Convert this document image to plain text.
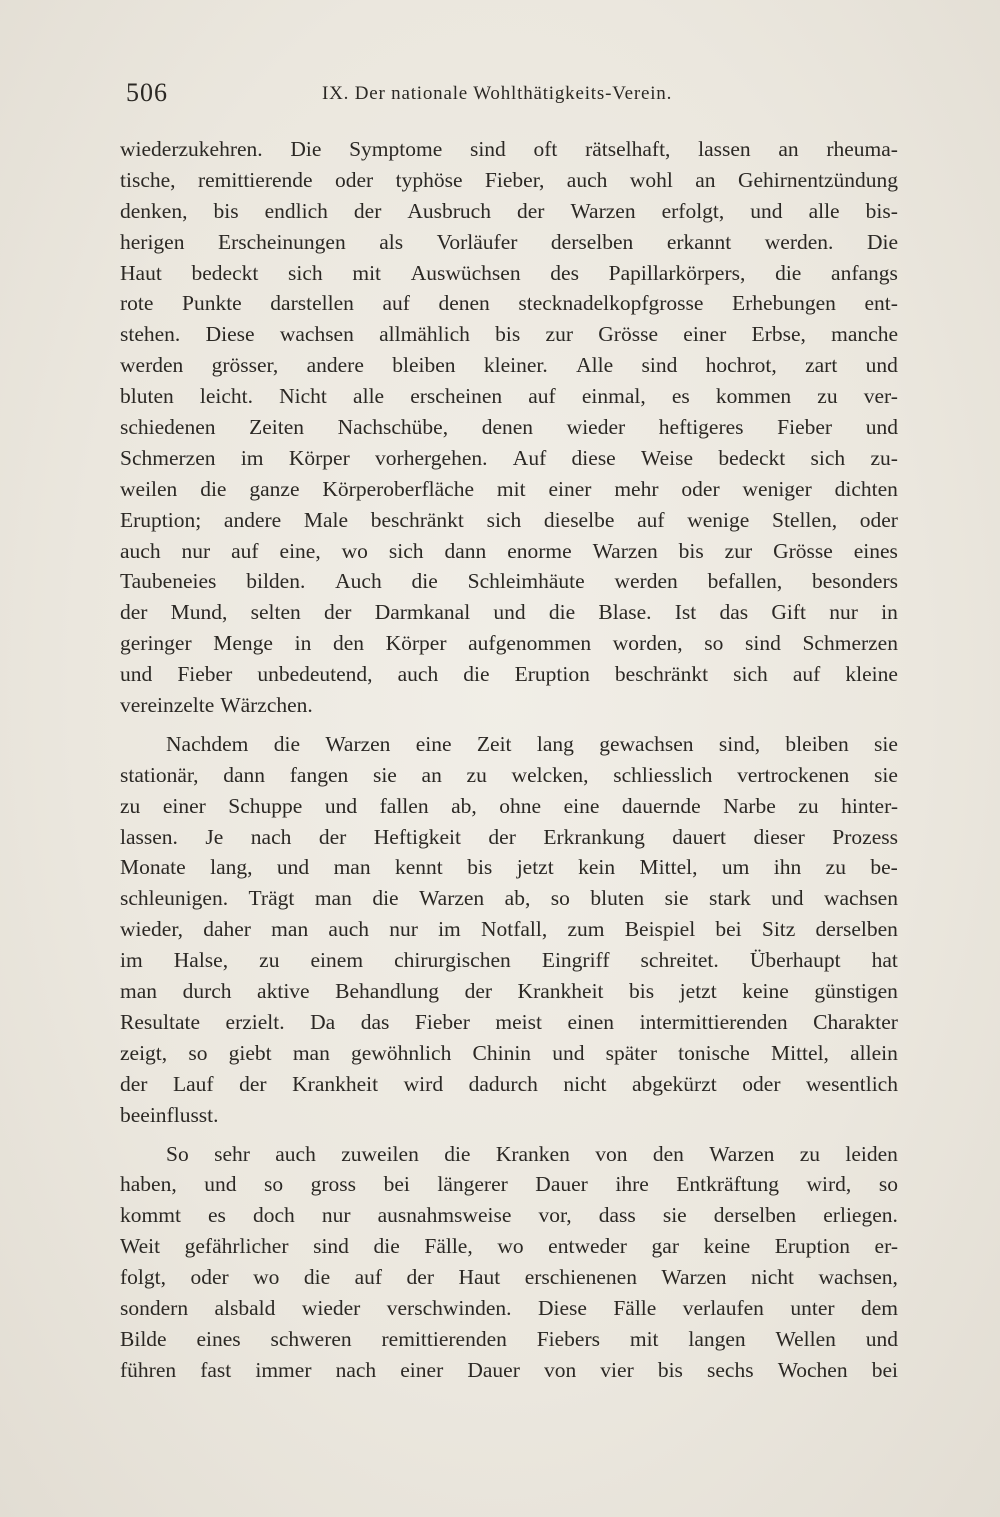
506	IX. Der nationale Wohlthätigkeits-Verein.
wiederzukehren. Die Symptome sind oft rätselhaft, lassen an rheuma-
tische, remittierende oder typhöse Fieber, auch wohl an Gehirnentzündung
denken, bis endlich der Ausbruch der Warzen erfolgt, und alle bis-
herigen Erscheinungen als Vorläufer derselben erkannt werden. Die
Haut bedeckt sich mit Auswüchsen des Papillarkörpers, die anfangs
rote Punkte darstellen auf denen stecknadelkopfgrosse Erhebungen ent-
stehen. Diese wachsen allmählich bis zur Grösse einer Erbse, manche
werden grösser, andere bleiben kleiner. Alle sind hochrot, zart und
bluten leicht. Nicht alle erscheinen auf einmal, es kommen zu ver-
schiedenen Zeiten Nachschübe, denen wieder heftigeres Fieber und
Schmerzen im Körper vorhergehen. Auf diese Weise bedeckt sich zu-
weilen die ganze Körperoberfläche mit einer mehr oder weniger dichten
Eruption; andere Male beschränkt sich dieselbe auf wenige Stellen, oder
auch nur auf eine, wo sich dann enorme Warzen bis zur Grösse eines
Taubeneies bilden. Auch die Schleimhäute werden befallen, besonders
der Mund, selten der Darmkanal und die Blase. Ist das Gift nur in
geringer Menge in den Körper aufgenommen worden, so sind Schmerzen
und Fieber unbedeutend, auch die Eruption beschränkt sich auf kleine
vereinzelte Wärzchen.
Nachdem die Warzen eine Zeit lang gewachsen sind, bleiben sie
stationär, dann fangen sie an zu welcken, schliesslich vertrockenen sie
zu einer Schuppe und fallen ab, ohne eine dauernde Narbe zu hinter-
lassen. Je nach der Heftigkeit der Erkrankung dauert dieser Prozess
Monate lang, und man kennt bis jetzt kein Mittel, um ihn zu be-
schleunigen. Trägt man die Warzen ab, so bluten sie stark und wachsen
wieder, daher man auch nur im Notfall, zum Beispiel bei Sitz derselben
im Halse, zu einem chirurgischen Eingriff schreitet. Überhaupt hat
man durch aktive Behandlung der Krankheit bis jetzt keine günstigen
Resultate erzielt. Da das Fieber meist einen intermittierenden Charakter
zeigt, so giebt man gewöhnlich Chinin und später tonische Mittel, allein
der Lauf der Krankheit wird dadurch nicht abgekürzt oder wesentlich
beeinflusst.
So sehr auch zuweilen die Kranken von den Warzen zu leiden
haben, und so gross bei längerer Dauer ihre Entkräftung wird, so
kommt es doch nur ausnahmsweise vor, dass sie derselben erliegen.
Weit gefährlicher sind die Fälle, wo entweder gar keine Eruption er-
folgt, oder wo die auf der Haut erschienenen Warzen nicht wachsen,
sondern alsbald wieder verschwinden. Diese Fälle verlaufen unter dem
Bilde eines schweren remittierenden Fiebers mit langen Wellen und
führen fast immer nach einer Dauer von vier bis sechs Wochen bei
